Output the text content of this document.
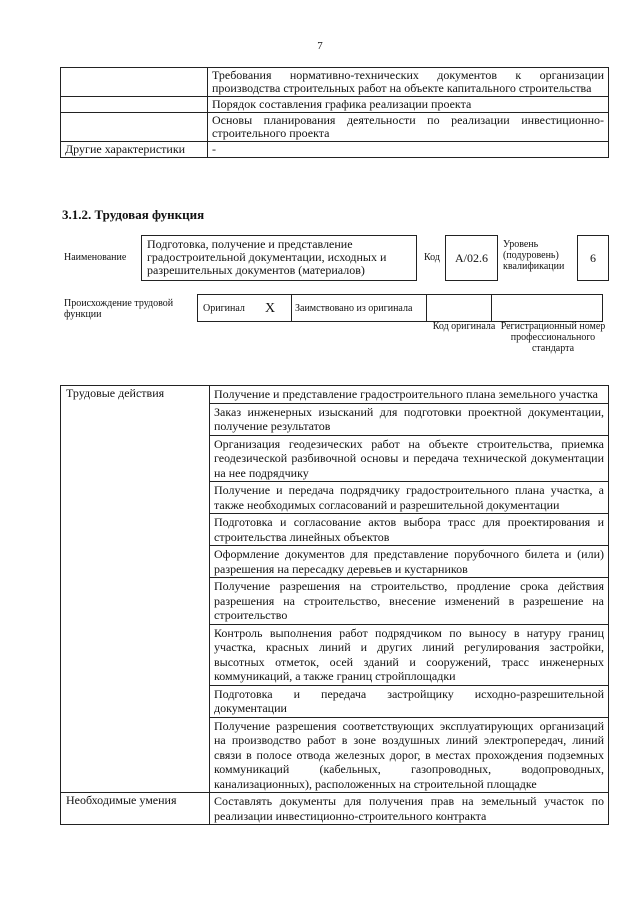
7
	Требования нормативно-технических документов к организации производства строительных работ на объекте капитального строительства
	Порядок составления графика реализации проекта
	Основы планирования деятельности по реализации инвестиционно-строительного проекта
Другие характеристики	-
3.1.2. Трудовая функция
Наименование
Подготовка, получение и представление градостроительной документации, исходных и разрешительных документов (материалов)
Код	A/02.6
Уровень (подуровень) квалификации
6
Происхождение трудовой функции
Оригинал	X	Заимствовано из оригинала		
Код оригинала Регистрационный номер профессионального стандарта
Трудовые действия	Получение и представление градостроительного плана земельного участка
	Заказ инженерных изысканий для подготовки проектной документации, получение результатов
	Организация геодезических работ на объекте строительства, приемка геодезической разбивочной основы и передача технической документации на нее подрядчику
	Получение и передача подрядчику градостроительного плана участка, а также необходимых согласований и разрешительной документации
	Подготовка и согласование актов выбора трасс для проектирования и строительства линейных объектов
	Оформление документов для представление порубочного билета и (или) разрешения на пересадку деревьев и кустарников
	Получение разрешения на строительство, продление срока действия разрешения на строительство, внесение изменений в разрешение на строительство
	Контроль выполнения работ подрядчиком по выносу в натуру границ участка, красных линий и других линий регулирования застройки, высотных отметок, осей зданий и сооружений, трасс инженерных коммуникаций, а также границ стройплощадки
	Подготовка и передача застройщику исходно-разрешительной документации
	Получение разрешения соответствующих эксплуатирующих организаций на производство работ в зоне воздушных линий электропередач, линий связи в полосе отвода железных дорог, в местах прохождения подземных коммуникаций (кабельных, газопроводных, водопроводных, канализационных), расположенных на строительной площадке
Необходимые умения	Составлять документы для получения прав на земельный участок по реализации инвестиционно-строительного контракта
